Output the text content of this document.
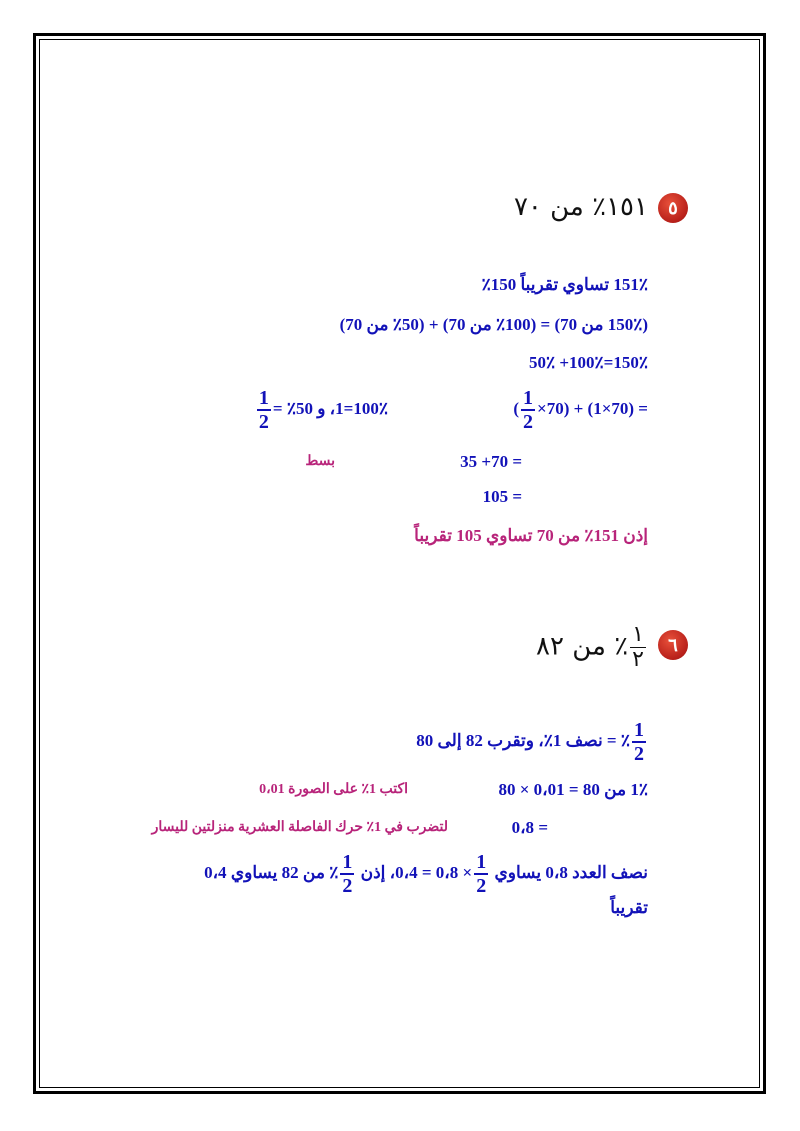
٥
١٥١٪ من ٧٠
151٪ تساوي تقريباً 150٪
(150٪ من 70) = (100٪ من 70) + (50٪ من 70)
150٪=100٪+ 50٪
= (70×1) + (70×
$\frac{1}{2}$
)
100٪=1، و 50٪ =
$\frac{1}{2}$
= 70+ 35
بسط
= 105
إذن 151٪ من 70 تساوي 105 تقريباً
٦
$\frac{١}{٢}$
٪ من ٨٢
$\frac{1}{2}$
٪ = نصف 1٪، وتقرب 82 إلى 80
1٪ من 80 = 0،01 × 80
اكتب 1٪ على الصورة 0،01
= 0،8
لتضرب في 1٪ حرك الفاصلة العشرية منزلتين لليسار
نصف العدد 0،8 يساوي
$\frac{1}{2}$
× 0،8 = 0،4، إذن
$\frac{1}{2}$
٪ من 82 يساوي 0،4
تقريباً
